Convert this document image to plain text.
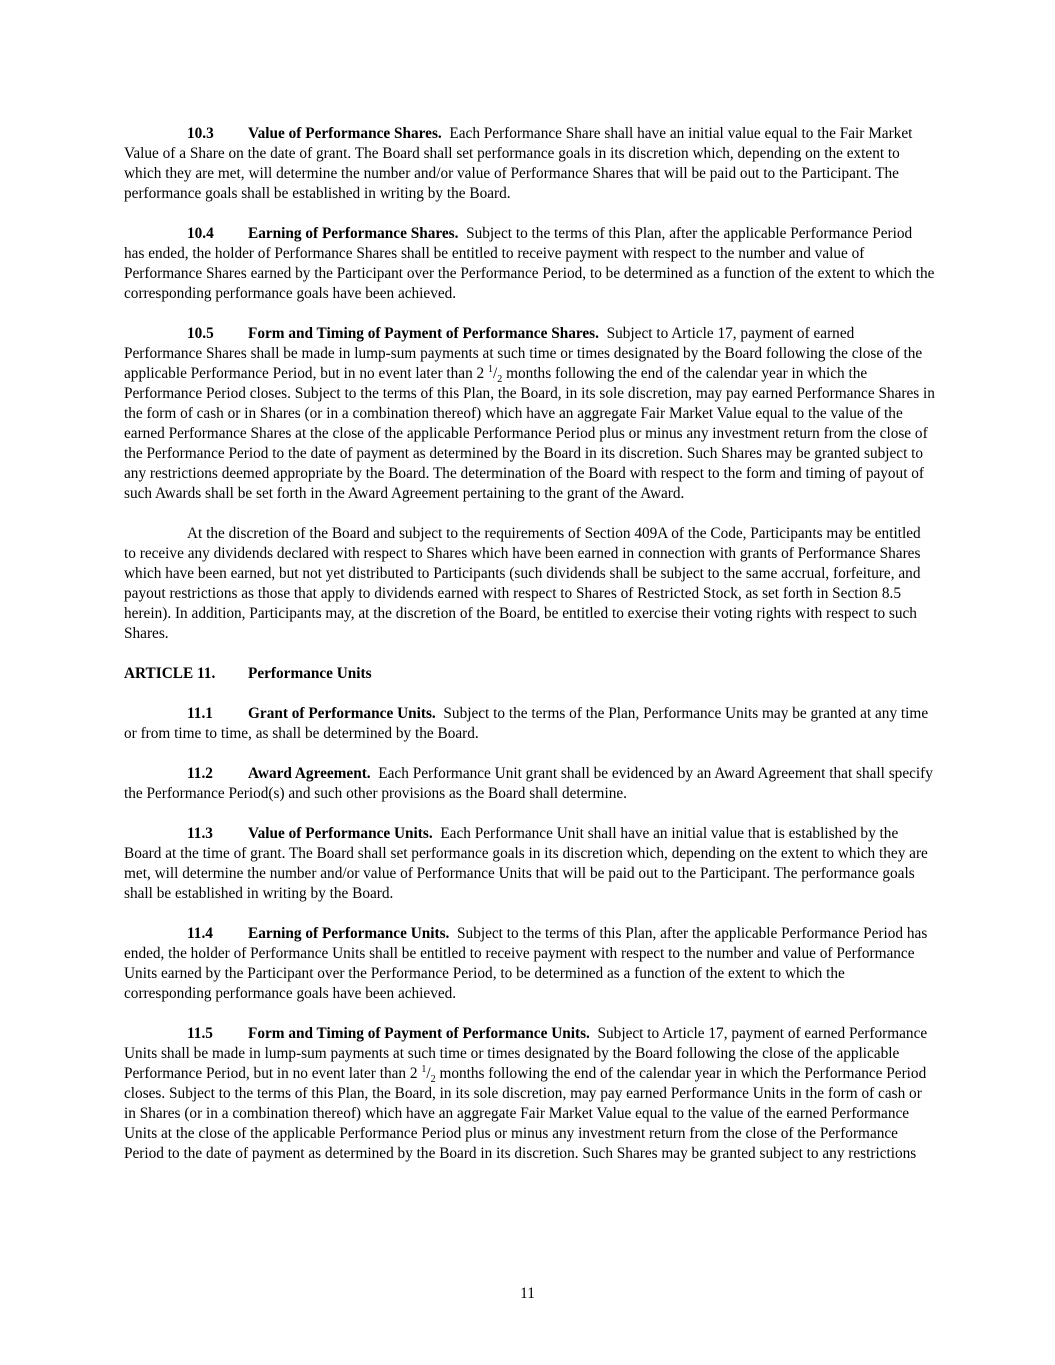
10.3 Value of Performance Shares. Each Performance Share shall have an initial value equal to the Fair Market Value of a Share on the date of grant. The Board shall set performance goals in its discretion which, depending on the extent to which they are met, will determine the number and/or value of Performance Shares that will be paid out to the Participant. The performance goals shall be established in writing by the Board.

10.4 Earning of Performance Shares. Subject to the terms of this Plan, after the applicable Performance Period has ended, the holder of Performance Shares shall be entitled to receive payment with respect to the number and value of Performance Shares earned by the Participant over the Performance Period, to be determined as a function of the extent to which the corresponding performance goals have been achieved.

10.5 Form and Timing of Payment of Performance Shares. Subject to Article 17, payment of earned Performance Shares shall be made in lump-sum payments at such time or times designated by the Board following the close of the applicable Performance Period, but in no event later than 2 $^1/_2$ months following the end of the calendar year in which the Performance Period closes. Subject to the terms of this Plan, the Board, in its sole discretion, may pay earned Performance Shares in the form of cash or in Shares (or in a combination thereof) which have an aggregate Fair Market Value equal to the value of the earned Performance Shares at the close of the applicable Performance Period plus or minus any investment return from the close of the Performance Period to the date of payment as determined by the Board in its discretion. Such Shares may be granted subject to any restrictions deemed appropriate by the Board. The determination of the Board with respect to the form and timing of payout of such Awards shall be set forth in the Award Agreement pertaining to the grant of the Award.

At the discretion of the Board and subject to the requirements of Section 409A of the Code, Participants may be entitled to receive any dividends declared with respect to Shares which have been earned in connection with grants of Performance Shares which have been earned, but not yet distributed to Participants (such dividends shall be subject to the same accrual, forfeiture, and payout restrictions as those that apply to dividends earned with respect to Shares of Restricted Stock, as set forth in Section 8.5 herein). In addition, Participants may, at the discretion of the Board, be entitled to exercise their voting rights with respect to such Shares.

ARTICLE 11. Performance Units

11.1 Grant of Performance Units. Subject to the terms of the Plan, Performance Units may be granted at any time or from time to time, as shall be determined by the Board.

11.2 Award Agreement. Each Performance Unit grant shall be evidenced by an Award Agreement that shall specify the Performance Period(s) and such other provisions as the Board shall determine.

11.3 Value of Performance Units. Each Performance Unit shall have an initial value that is established by the Board at the time of grant. The Board shall set performance goals in its discretion which, depending on the extent to which they are met, will determine the number and/or value of Performance Units that will be paid out to the Participant. The performance goals shall be established in writing by the Board.

11.4 Earning of Performance Units. Subject to the terms of this Plan, after the applicable Performance Period has ended, the holder of Performance Units shall be entitled to receive payment with respect to the number and value of Performance Units earned by the Participant over the Performance Period, to be determined as a function of the extent to which the corresponding performance goals have been achieved.

11.5 Form and Timing of Payment of Performance Units. Subject to Article 17, payment of earned Performance Units shall be made in lump-sum payments at such time or times designated by the Board following the close of the applicable Performance Period, but in no event later than 2 $^1/_2$ months following the end of the calendar year in which the Performance Period closes. Subject to the terms of this Plan, the Board, in its sole discretion, may pay earned Performance Units in the form of cash or in Shares (or in a combination thereof) which have an aggregate Fair Market Value equal to the value of the earned Performance Units at the close of the applicable Performance Period plus or minus any investment return from the close of the Performance Period to the date of payment as determined by the Board in its discretion. Such Shares may be granted subject to any restrictions

11
